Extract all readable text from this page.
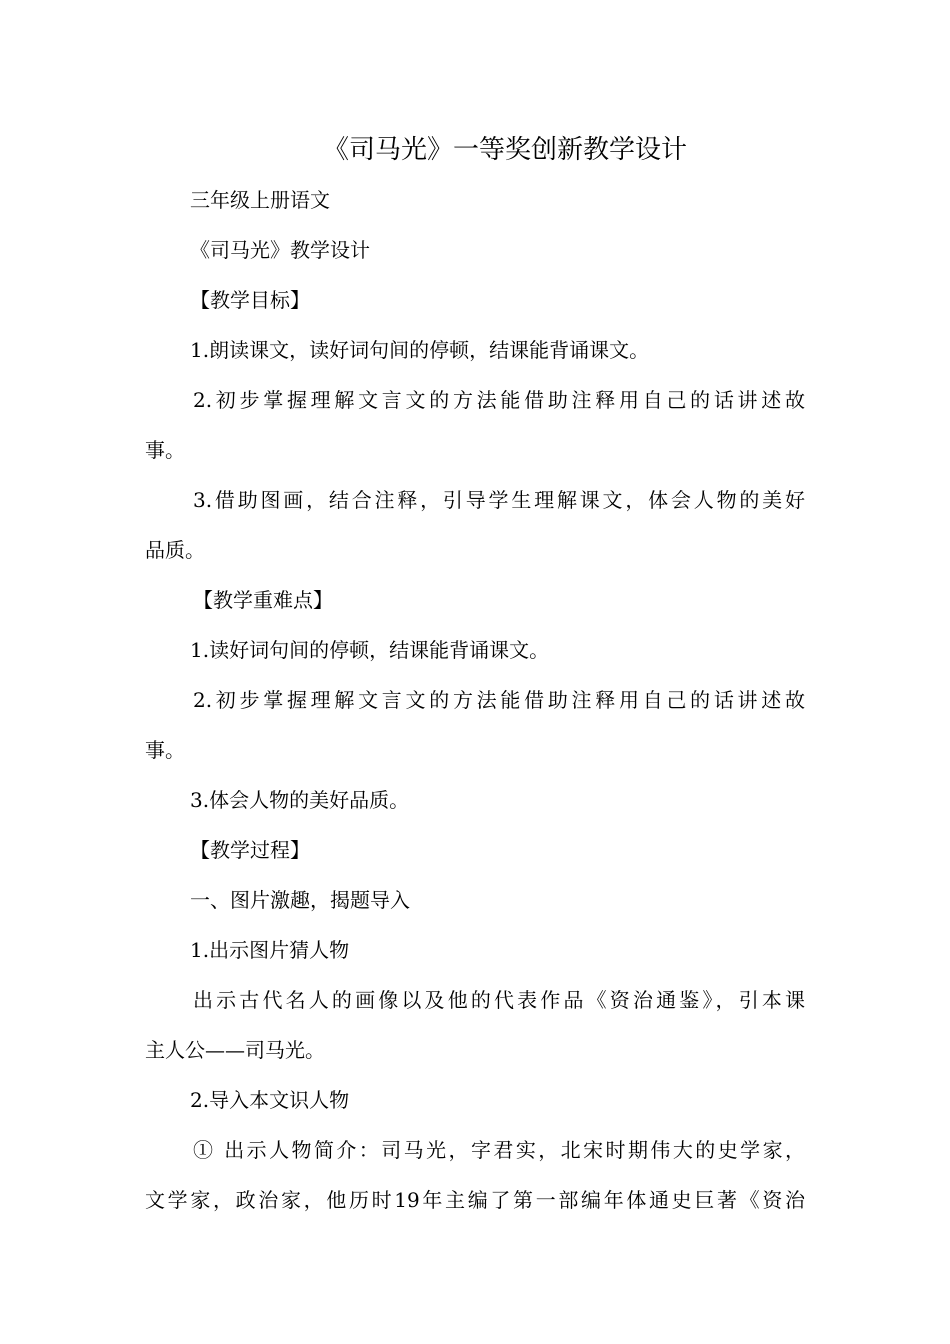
《司马光》一等奖创新教学设计
三年级上册语文
《司马光》教学设计
【教学目标】
1.朗读课文，读好词句间的停顿，结课能背诵课文。
2.初步掌握理解文言文的方法能借助注释用自己的话讲述故
事。
3.借助图画，结合注释，引导学生理解课文，体会人物的美好
品质。
【教学重难点】
1.读好词句间的停顿，结课能背诵课文。
2.初步掌握理解文言文的方法能借助注释用自己的话讲述故
事。
3.体会人物的美好品质。
【教学过程】
一、图片激趣，揭题导入
1.出示图片猜人物
出示古代名人的画像以及他的代表作品《资治通鉴》，引本课
主人公——司马光。
2.导入本文识人物
① 出示人物简介：司马光，字君实，北宋时期伟大的史学家，
文学家，政治家，他历时19年主编了第一部编年体通史巨著《资治
